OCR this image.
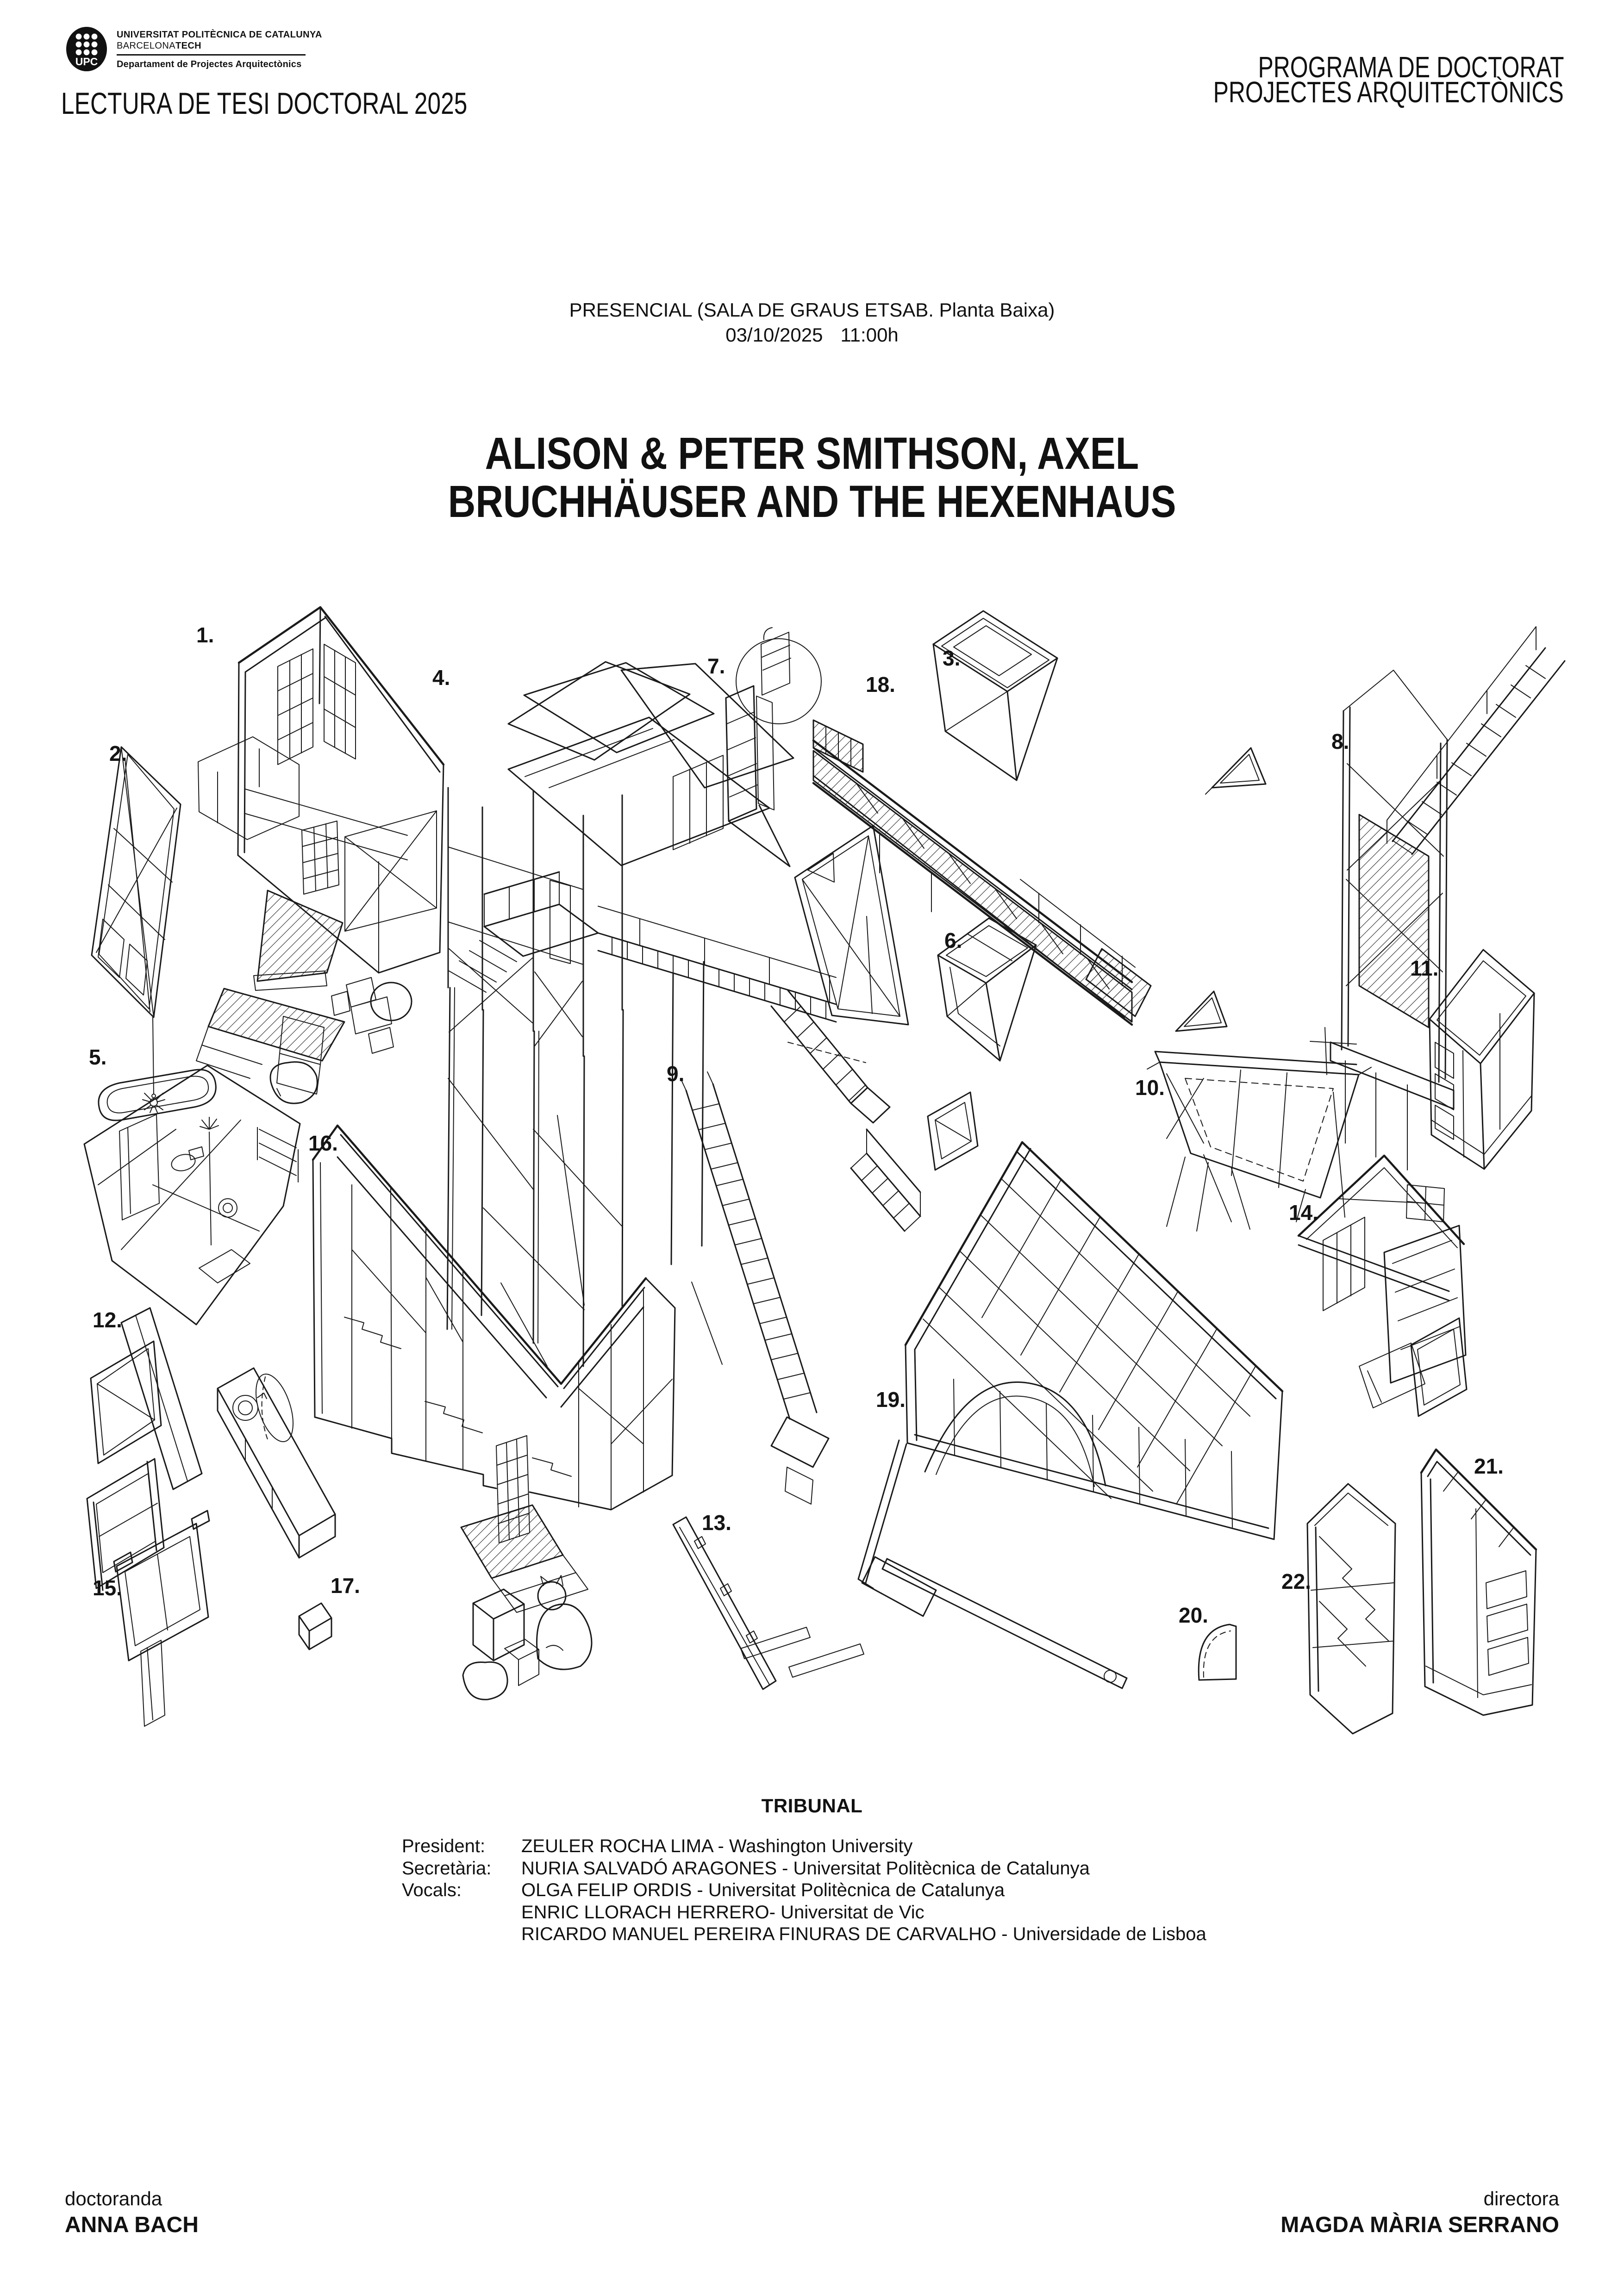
UPC
UNIVERSITAT POLITÈCNICA DE CATALUNYA
BARCELONATECH
Departament de Projectes Arquitectònics
LECTURA DE TESI DOCTORAL 2025
PROGRAMA DE DOCTORAT
PROJECTES ARQUITECTÒNICS
PRESENCIAL (SALA DE GRAUS ETSAB. Planta Baixa)
03/10/2025 11:00h
ALISON & PETER SMITHSON, AXEL
BRUCHHÄUSER AND THE HEXENHAUS
1.
2.
3.
4.
5.
6.
7.
8.
9.
10.
11.
12.
13.
14.
15.
16.
17.
18.
19.
20.
21.
22.
TRIBUNAL
President:	ZEULER ROCHA LIMA - Washington University
Secretària:	NURIA SALVADÓ ARAGONES - Universitat Politècnica de Catalunya
Vocals:	OLGA FELIP ORDIS - Universitat Politècnica de Catalunya
ENRIC LLORACH HERRERO- Universitat de Vic
RICARDO MANUEL PEREIRA FINURAS DE CARVALHO - Universidade de Lisboa
doctoranda
ANNA BACH
directora
MAGDA MÀRIA SERRANO
